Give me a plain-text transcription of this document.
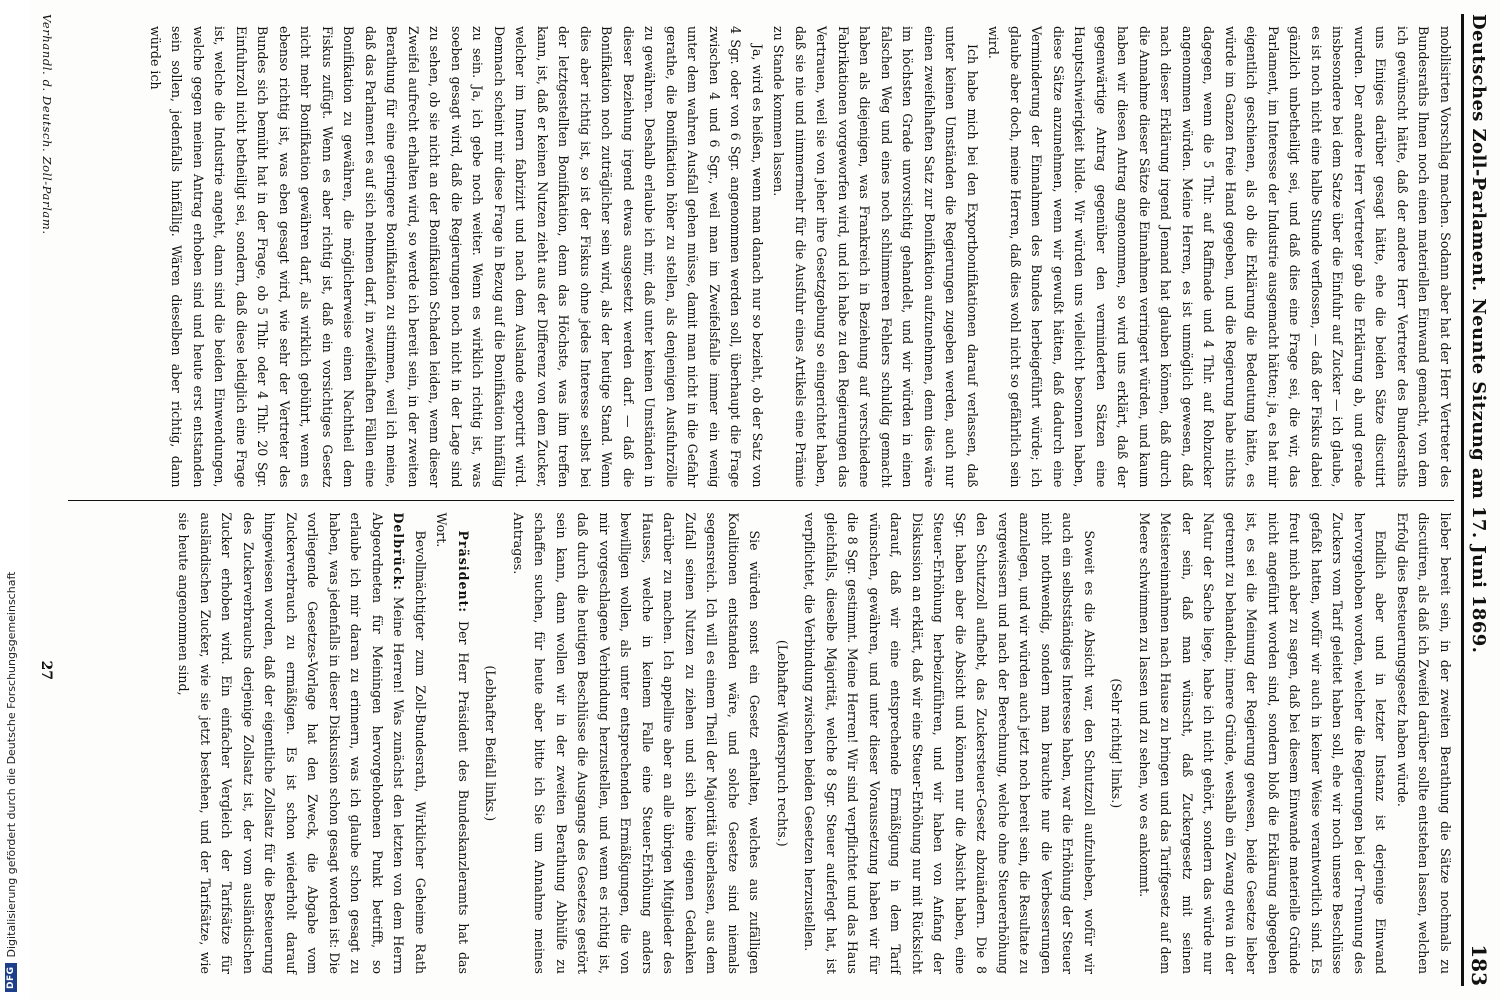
DFG
Digitalisierung gefördert durch die Deutsche Forschungsgemeinschaft
Deutsches Zoll-Parlament. Neunte Sitzung am 17. Juni 1869.
183

mobilisirten Vorschlag machen. Sodann aber hat der Herr Vertreter des Bundesraths Ihnen noch einen materiellen Einwand gemacht, von dem ich gewünscht hätte, daß der andere Herr Vertreter des Bundesraths uns Einiges darüber gesagt hätte, ehe die beiden Sätze discutirt wurden. Der andere Herr Vertreter gab die Erklärung ab, und gerade insbesondere bei dem Satze über die Einfuhr auf Zucker — ich glaube, es ist noch nicht eine halbe Stunde verflossen, — daß der Fiskus dabei gänzlich unbetheiligt sei, und daß dies eine Frage sei, die wir, das Parlament, im Interesse der Industrie ausgemacht hätten; ja, es hat mir eigentlich geschienen, als ob die Erklärung die Bedeutung hätte, es würde im Ganzen freie Hand gegeben, und die Regierung habe nichts dagegen, wenn die 5 Thlr. auf Raffinade und 4 Thlr. auf Rohzucker angenommen würden. Meine Herren, es ist unmöglich gewesen, daß nach dieser Erklärung irgend Jemand hat glauben können, daß durch die Annahme dieser Sätze die Einnahmen verringert würden, und kaum haben wir diesen Antrag angenommen, so wird uns erklärt, daß der gegenwärtige Antrag gegenüber den verminderten Sätzen eine Hauptschwierigkeit bilde. Wir würden uns vielleicht besonnen haben, diese Sätze anzunehmen, wenn wir gewußt hätten, daß dadurch eine Verminderung der Einnahmen des Bundes herbeigeführt würde; ich glaube aber doch, meine Herren, daß dies wohl nicht so gefährlich sein wird.

Ich habe mich bei den Exportbonifikationen darauf verlassen, daß unter keinen Umständen die Regierungen zugeben werden, auch nur einen zweifelhaften Satz zur Bonifikation aufzunehmen, denn dies wäre im höchsten Grade unvorsichtig gehandelt, und wir würden in einen falschen Weg und eines noch schlimmeren Fehlers schuldig gemacht haben als diejenigen, was Frankreich in Beziehung auf verschiedene Fabrikationen vorgeworfen wird, und ich habe zu den Regierungen das Vertrauen, weil sie von jeher ihre Gesetzgebung so eingerichtet haben, daß sie nie und nimmermehr für die Ausfuhr eines Artikels eine Prämie zu Stande kommen lassen.

Ja, wird es heißen, wenn man danach nur so bezieht, ob der Satz von 4 Sgr. oder von 6 Sgr. angenommen werden soll, überhaupt die Frage zwischen 4 und 6 Sgr., weil man im Zweifelsfalle immer ein wenig unter dem wahren Ausfall gehen müsse, damit man nicht in die Gefahr gerathe, die Bonifikation höher zu stellen, als denjenigen Ausfuhrzölle zu gewähren. Deshalb erlaube ich mir, daß unter keinen Umständen in dieser Beziehung irgend etwas ausgesetzt werden darf. — daß die Bonifikation noch zuträglicher sein wird, als der heutige Stand. Wenn dies aber richtig ist, so ist der Fiskus ohne jedes Interesse selbst bei der letztgestellten Bonifikation, denn das Höchste, was ihm treffen kann, ist, daß er keinen Nutzen zieht aus der Differenz von dem Zucker, welcher im Innern fabrizirt und nach dem Auslande exportirt wird. Demnach scheint mir diese Frage in Bezug auf die Bonifikation hinfällig zu sein. Ja, ich gebe noch weiter. Wenn es wirklich richtig ist, was soeben gesagt wird, daß die Regierungen noch nicht in der Lage sind zu sehen, ob sie nicht an der Bonifikation Schaden leiden, wenn dieser Zweifel aufrecht erhalten wird, so werde ich bereit sein, in der zweiten Berathung für eine geringere Bonifikation zu stimmen, weil ich meine, daß das Parlament es auf sich nehmen darf, in zweifelhaften Fällen eine Bonifikation zu gewähren, die möglicherweise einen Nachtheil dem Fiskus zufügt. Wenn es aber richtig ist, daß ein vorsichtiges Gesetz nicht mehr Bonifikation gewähren darf, als wirklich gebührt, wenn es ebenso richtig ist, was eben gesagt wird, wie sehr der Vertreter des Bundes sich bemüht hat in der Frage, ob 5 Thlr. oder 4 Thlr. 20 Sgr. Einfuhrzoll nicht betheiligt sei, sondern, daß diese lediglich eine Frage ist, welche die Industrie angeht, dann sind die beiden Einwendungen, welche gegen meinen Antrag erhoben sind und heute erst entstanden sein sollen, jedenfalls hinfällig. Wären dieselben aber richtig, dann würde ich

lieber bereit sein, in der zweiten Berathung die Sätze nochmals zu discutiren, als daß ich Zweifel darüber sollte entstehen lassen, welchen Erfolg dies Besteuerungsgesetz haben würde.

Endlich aber und in letzter Instanz ist derjenige Einwand hervorgehoben worden, welcher die Regierungen bei der Trennung des Zuckers vom Tarif geleitet haben soll, ehe wir noch unsere Beschlüsse gefaßt hatten, wofür wir auch in keiner Weise verantwortlich sind. Es freut mich aber zu sagen, daß bei diesem Einwande materielle Gründe nicht angeführt worden sind, sondern bloß die Erklärung abgegeben ist, es sei die Meinung der Regierung gewesen, beide Gesetze lieber getrennt zu behandeln; innere Gründe, weshalb ein Zwang etwa in der Natur der Sache liege, habe ich nicht gehört, sondern das würde nur der sein, daß man wünscht, daß Zuckergesetz mit seinen Meistereinnahmen nach Hause zu bringen und das Tarifgesetz auf dem Meere schwimmen zu lassen und zu sehen, wo es ankommt.

(Sehr richtig! links.)

Soweit es die Absicht war, den Schutzzoll aufzuheben, wofür wir auch ein selbstständiges Interesse haben, war die Erhöhung der Steuer nicht nothwendig, sondern man brauchte nur die Verbesserungen anzulegen, und wir würden auch jetzt noch bereit sein, die Resultate zu vergewissern und nach der Berechnung, welche ohne Steuererhöhung den Schutzzoll aufhebt, das Zuckersteuer-Gesetz abzuändern. Die 8 Sgr. haben aber die Absicht und können nur die Absicht haben, eine Steuer-Erhöhung herbeizuführen, und wir haben von Anfang der Diskussion an erklärt, daß wir eine Steuer-Erhöhung nur mit Rücksicht darauf, daß wir eine entsprechende Ermäßigung in dem Tarif wünschen, gewähren, und unter dieser Voraussetzung haben wir für die 8 Sgr. gestimmt. Meine Herren! Wir sind verpflichtet und das Haus gleichfalls, dieselbe Majorität, welche 8 Sgr. Steuer auferlegt hat, ist verpflichtet, die Verbindung zwischen beiden Gesetzen herzustellen.

(Lebhafter Widerspruch rechts.)

Sie würden sonst ein Gesetz erhalten, welches aus zufälligen Koalitionen entstanden wäre, und solche Gesetze sind niemals segensreich. Ich will es einem Theil der Majorität überlassen, aus dem Zufall seinen Nutzen zu ziehen und sich keine eigenen Gedanken darüber zu machen. Ich appellire aber an alle übrigen Mitglieder des Hauses, welche in keinem Falle eine Steuer-Erhöhung anders bewilligen wollen, als unter entsprechenden Ermäßigungen, die von mir vorgeschlagene Verbindung herzustellen, und wenn es richtig ist, daß durch die heutigen Beschlüsse die Ausgangs des Gesetzes gestört sein kann, dann wollen wir in der zweiten Berathung Abhülfe zu schaffen suchen, für heute aber bitte ich Sie um Annahme meines Antrages.

(Lebhafter Beifall links.)

Präsident: Der Herr Präsident des Bundeskanzleramts hat das Wort.

Bevollmächtigter zum Zoll-Bundesrath, Wirklicher Geheime Rath Delbrück: Meine Herren! Was zunächst den letzten von dem Herrn Abgeordneten für Meiningen hervorgehobenen Punkt betrifft, so erlaube ich mir daran zu erinnern, was ich glaube schon gesagt zu haben, was jedenfalls in dieser Diskussion schon gesagt worden ist: Die vorliegende Gesetzes-Vorlage hat den Zweck, die Abgabe vom Zuckerverbrauch zu ermäßigen. Es ist schon wiederholt darauf hingewiesen worden, daß der eigentliche Zollsatz für die Besteuerung des Zuckerverbrauchs derjenige Zollsatz ist, der vom ausländischen Zucker erhoben wird. Ein einfacher Vergleich der Tarifsätze für ausländischen Zucker, wie sie jetzt bestehen, und der Tarifsätze, wie sie heute angenommen sind,

Verhandl. d. Deutsch. Zoll-Parlam.
27
